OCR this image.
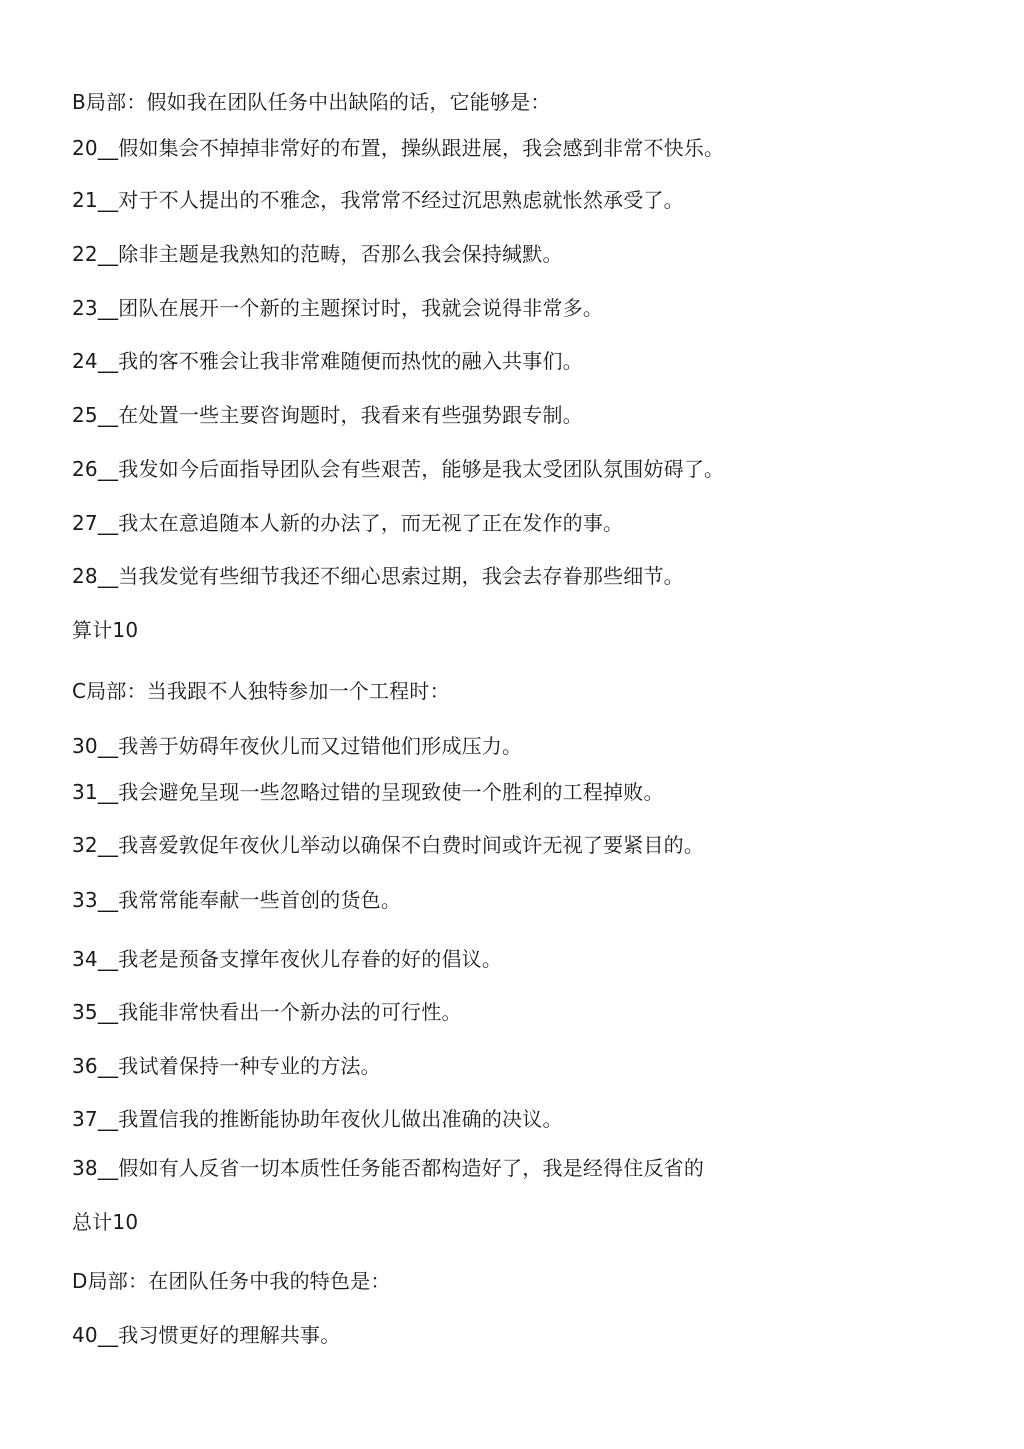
B局部：假如我在团队任务中出缺陷的话，它能够是：
20__假如集会不掉掉非常好的布置，操纵跟进展，我会感到非常不快乐。
21__对于不人提出的不雅念，我常常不经过沉思熟虑就怅然承受了。
22__除非主题是我熟知的范畴，否那么我会保持缄默。
23__团队在展开一个新的主题探讨时，我就会说得非常多。
24__我的客不雅会让我非常难随便而热忱的融入共事们。
25__在处置一些主要咨询题时，我看来有些强势跟专制。
26__我发如今后面指导团队会有些艰苦，能够是我太受团队氛围妨碍了。
27__我太在意追随本人新的办法了，而无视了正在发作的事。
28__当我发觉有些细节我还不细心思索过期，我会去存眷那些细节。
算计10
C局部：当我跟不人独特参加一个工程时：
30__我善于妨碍年夜伙儿而又过错他们形成压力。
31__我会避免呈现一些忽略过错的呈现致使一个胜利的工程掉败。
32__我喜爱敦促年夜伙儿举动以确保不白费时间或许无视了要紧目的。
33__我常常能奉献一些首创的货色。
34__我老是预备支撑年夜伙儿存眷的好的倡议。
35__我能非常快看出一个新办法的可行性。
36__我试着保持一种专业的方法。
37__我置信我的推断能协助年夜伙儿做出准确的决议。
38__假如有人反省一切本质性任务能否都构造好了，我是经得住反省的
总计10
D局部：在团队任务中我的特色是：
40__我习惯更好的理解共事。
